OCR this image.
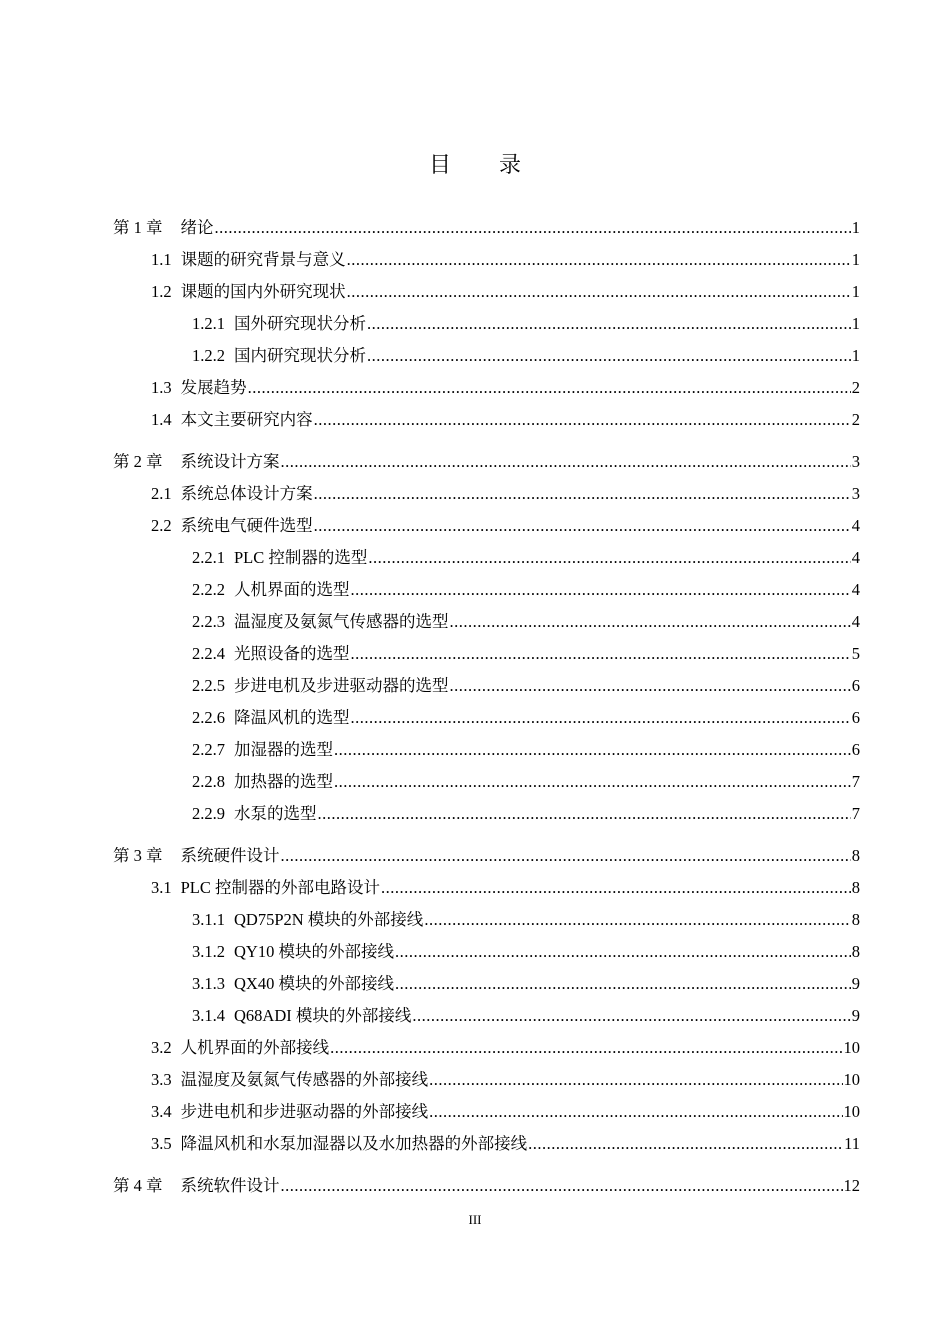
目 录
第 1 章 绪论 .....	1
1.1 课题的研究背景与意义 .....	1
1.2 课题的国内外研究现状 .....	1
1.2.1 国外研究现状分析 .....	1
1.2.2 国内研究现状分析 .....	1
1.3 发展趋势 .....	2
1.4 本文主要研究内容 .....	2
第 2 章 系统设计方案 .....	3
2.1 系统总体设计方案 .....	3
2.2 系统电气硬件选型 .....	4
2.2.1 PLC 控制器的选型 .....	4
2.2.2 人机界面的选型 .....	4
2.2.3 温湿度及氨氮气传感器的选型 .....	4
2.2.4 光照设备的选型 .....	5
2.2.5 步进电机及步进驱动器的选型 .....	6
2.2.6 降温风机的选型 .....	6
2.2.7 加湿器的选型 .....	6
2.2.8 加热器的选型 .....	7
2.2.9 水泵的选型 .....	7
第 3 章 系统硬件设计 .....	8
3.1 PLC 控制器的外部电路设计 .....	8
3.1.1 QD75P2N 模块的外部接线 .....	8
3.1.2 QY10 模块的外部接线 .....	8
3.1.3 QX40 模块的外部接线 .....	9
3.1.4 Q68ADI 模块的外部接线 .....	9
3.2 人机界面的外部接线 .....	10
3.3 温湿度及氨氮气传感器的外部接线 .....	10
3.4 步进电机和步进驱动器的外部接线 .....	10
3.5 降温风机和水泵加湿器以及水加热器的外部接线 .....	11
第 4 章 系统软件设计 .....	12
III
